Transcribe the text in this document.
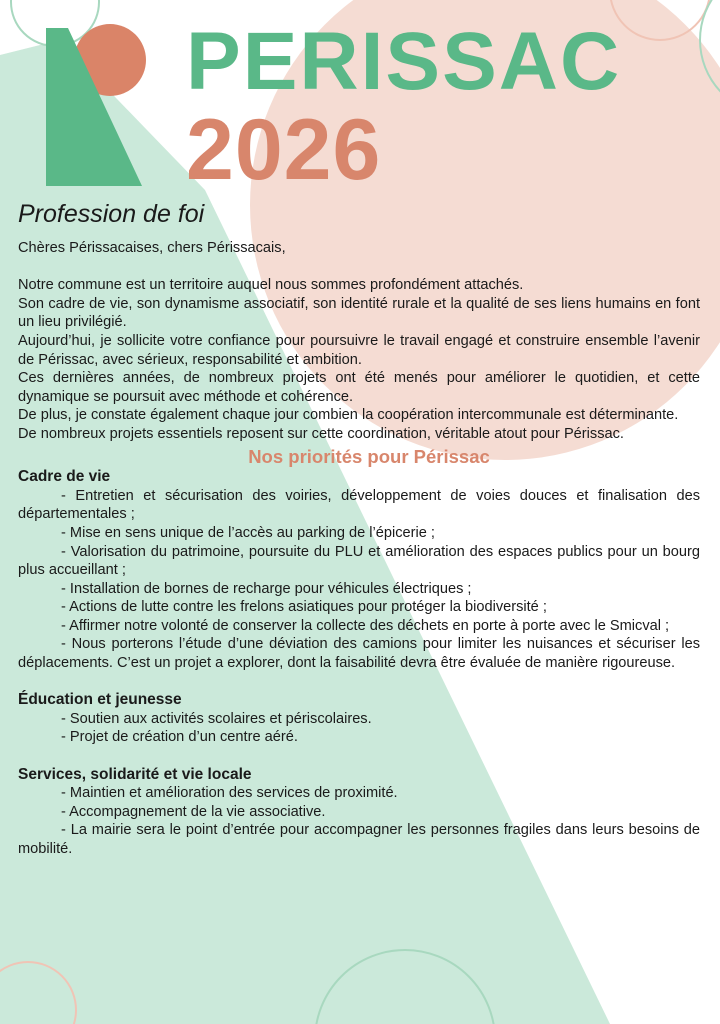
PERISSAC
2026
Profession de foi

Chères Périssacaises, chers Périssacais,

Notre commune est un territoire auquel nous sommes profondément attachés.

Son cadre de vie, son dynamisme associatif, son identité rurale et la qualité de ses liens humains en font un lieu privilégié.

Aujourd’hui, je sollicite votre confiance pour poursuivre le travail engagé et construire ensemble l’avenir de Périssac, avec sérieux, responsabilité et ambition.

Ces dernières années, de nombreux projets ont été menés pour améliorer le quotidien, et cette dynamique se poursuit avec méthode et cohérence.

De plus, je constate également chaque jour combien la coopération intercommunale est déterminante.

De nombreux projets essentiels reposent sur cette coordination, véritable atout pour Périssac.

Nos priorités pour Périssac

Cadre de vie

- Entretien et sécurisation des voiries, développement de voies douces et finalisation des départementales ;

- Mise en sens unique de l’accès au parking de l’épicerie ;

- Valorisation du patrimoine, poursuite du PLU et amélioration des espaces publics pour un bourg plus accueillant ;

- Installation de bornes de recharge pour véhicules électriques ;

- Actions de lutte contre les frelons asiatiques pour protéger la biodiversité ;

- Affirmer notre volonté de conserver la collecte des déchets en porte à porte avec le Smicval ;

- Nous porterons l’étude d’une déviation des camions pour limiter les nuisances et sécuriser les déplacements. C’est un projet a explorer, dont la faisabilité devra être évaluée de manière rigoureuse.

Éducation et jeunesse

- Soutien aux activités scolaires et périscolaires.

- Projet de création d’un centre aéré.

Services, solidarité et vie locale

- Maintien et amélioration des services de proximité.

- Accompagnement de la vie associative.

- La mairie sera le point d’entrée pour accompagner les personnes fragiles dans leurs besoins de mobilité.
